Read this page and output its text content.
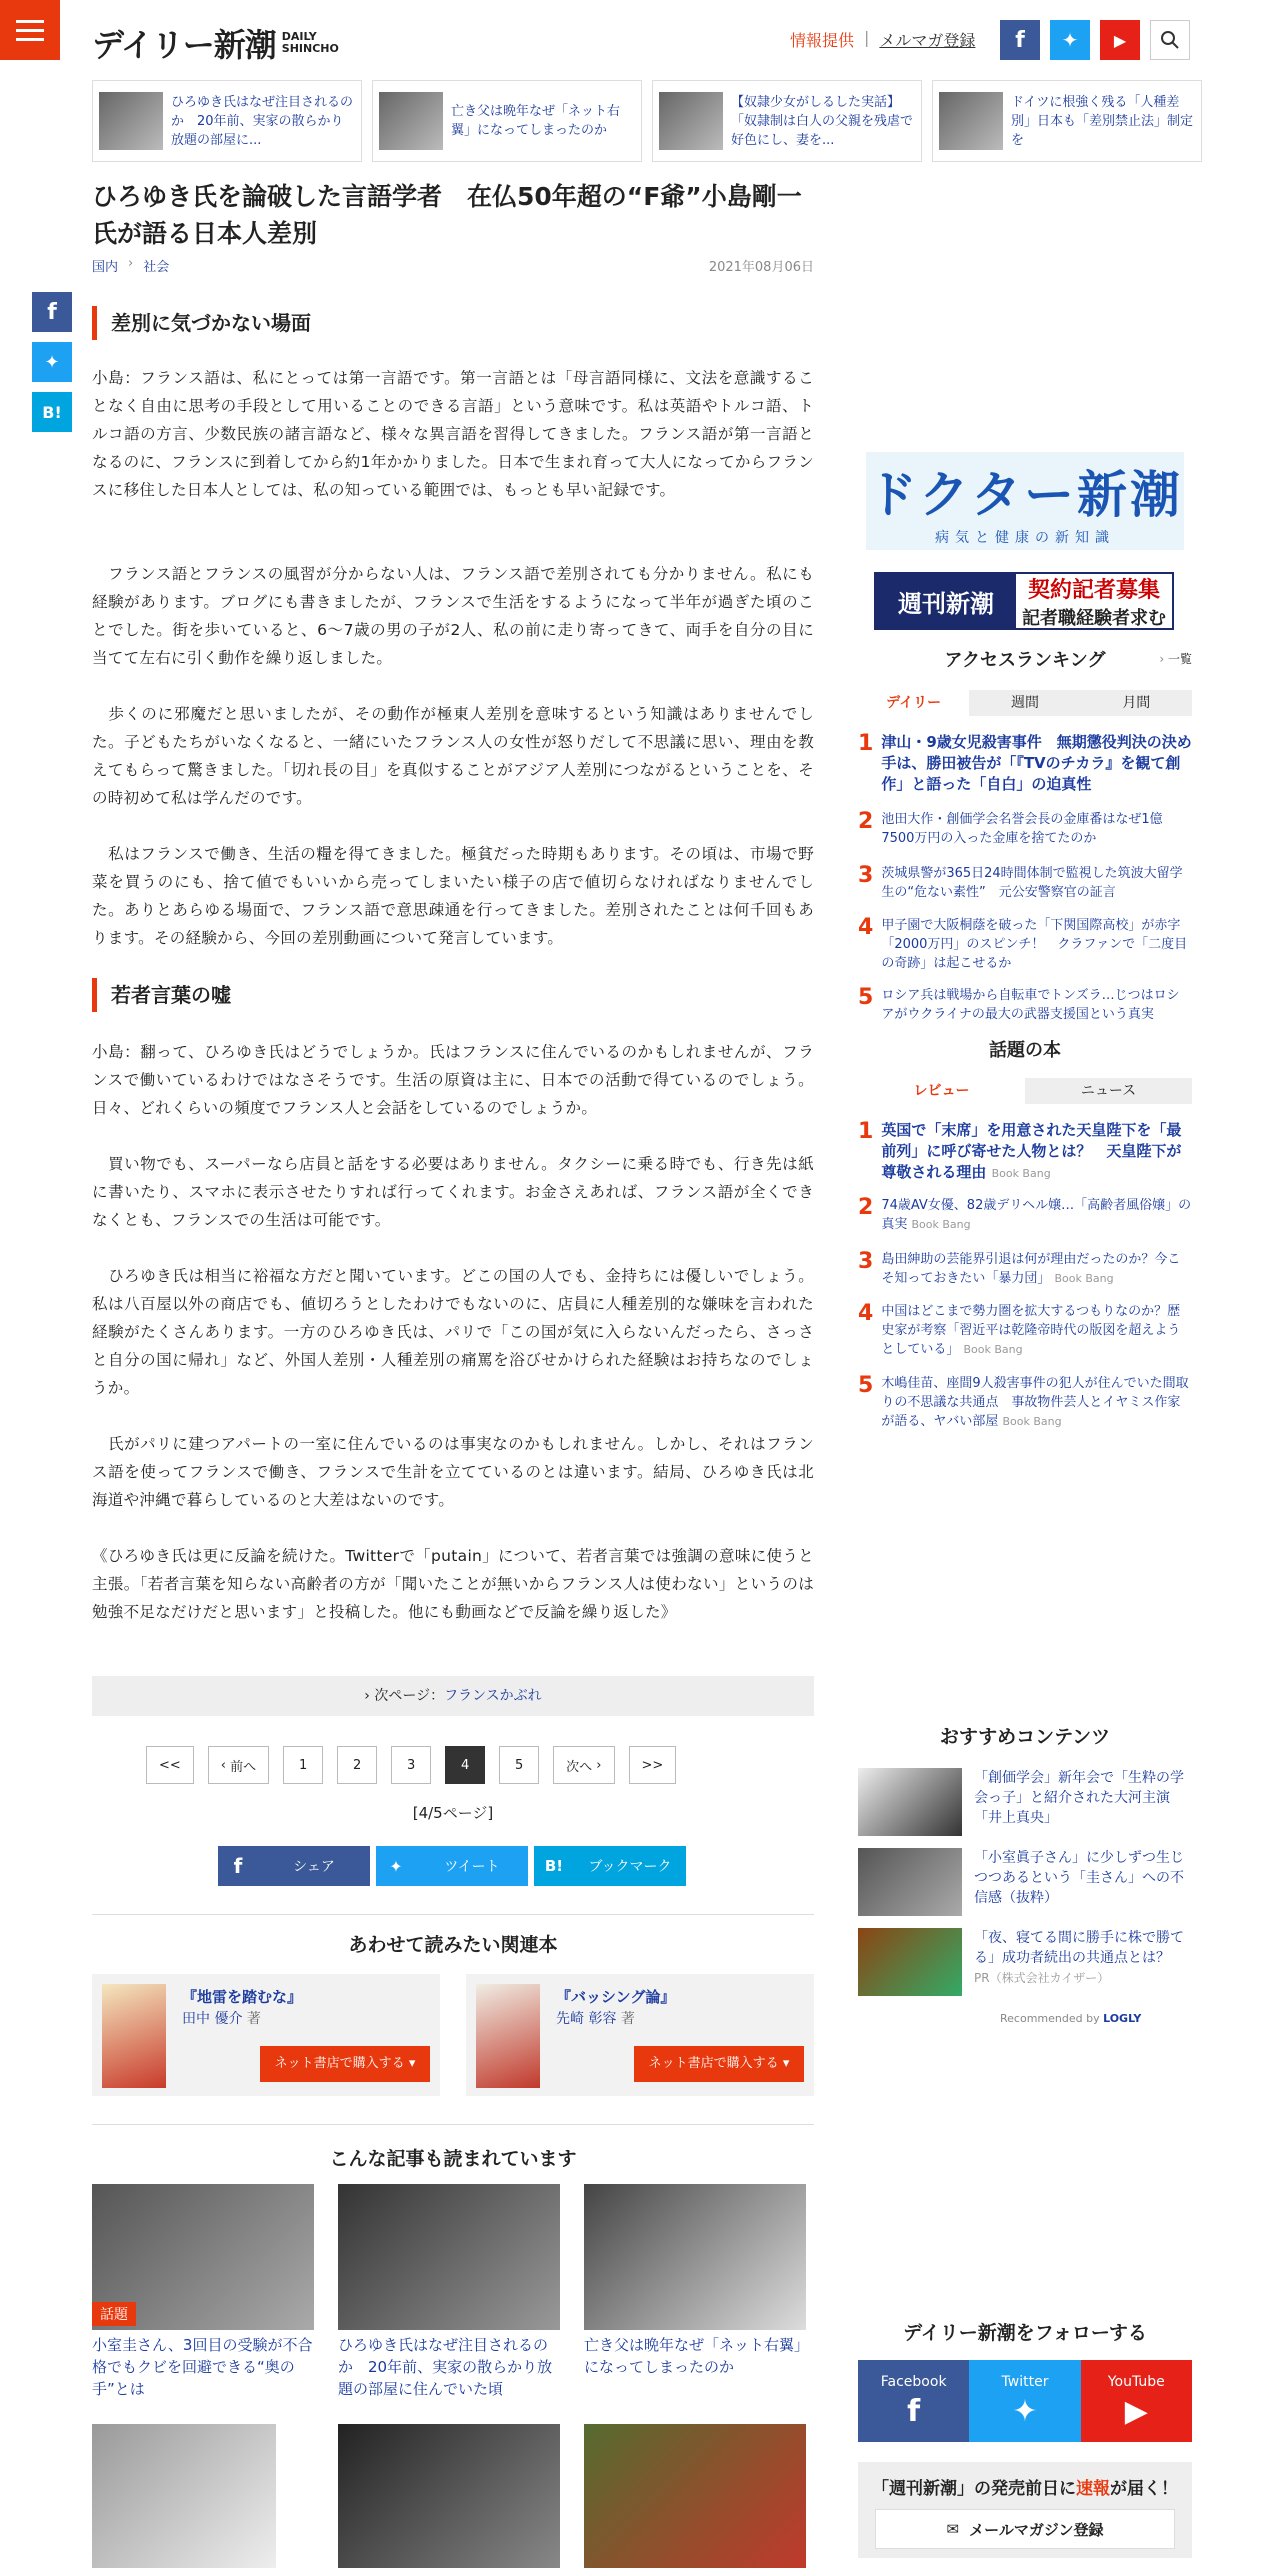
デイリー新潮 DAILY
SHINCHO	情報提供 | メルマガ登録	f	✦	▶
ひろゆき氏はなぜ注目されるのか　20年前、実家の散らかり放題の部屋に...
亡き父は晩年なぜ「ネット右翼」になってしまったのか
【奴隷少女がしるした実話】「奴隷制は白人の父親を残虐で好色にし、妻を...
ドイツに根強く残る「人種差別」日本も「差別禁止法」制定を
ひろゆき氏を論破した言語学者　在仏50年超の“F爺”小島剛一氏が語る日本人差別
国内 › 社会	2021年08月06日
f
✦
B!
差別に気づかない場面

小島：フランス語は、私にとっては第一言語です。第一言語とは「母言語同様に、文法を意識することなく自由に思考の手段として用いることのできる言語」という意味です。私は英語やトルコ語、トルコ語の方言、少数民族の諸言語など、様々な異言語を習得してきました。フランス語が第一言語となるのに、フランスに到着してから約1年かかりました。日本で生まれ育って大人になってからフランスに移住した日本人としては、私の知っている範囲では、もっとも早い記録です。

　フランス語とフランスの風習が分からない人は、フランス語で差別されても分かりません。私にも経験があります。ブログにも書きましたが、フランスで生活をするようになって半年が過ぎた頃のことでした。街を歩いていると、6～7歳の男の子が2人、私の前に走り寄ってきて、両手を自分の目に当てて左右に引く動作を繰り返しました。

　歩くのに邪魔だと思いましたが、その動作が極東人差別を意味するという知識はありませんでした。子どもたちがいなくなると、一緒にいたフランス人の女性が怒りだして不思議に思い、理由を教えてもらって驚きました。「切れ長の目」を真似することがアジア人差別につながるということを、その時初めて私は学んだのです。

　私はフランスで働き、生活の糧を得てきました。極貧だった時期もあります。その頃は、市場で野菜を買うのにも、捨て値でもいいから売ってしまいたい様子の店で値切らなければなりませんでした。ありとあらゆる場面で、フランス語で意思疎通を行ってきました。差別されたことは何千回もあります。その経験から、今回の差別動画について発言しています。

若者言葉の嘘

小島：翻って、ひろゆき氏はどうでしょうか。氏はフランスに住んでいるのかもしれませんが、フランスで働いているわけではなさそうです。生活の原資は主に、日本での活動で得ているのでしょう。日々、どれくらいの頻度でフランス人と会話をしているのでしょうか。

　買い物でも、スーパーなら店員と話をする必要はありません。タクシーに乗る時でも、行き先は紙に書いたり、スマホに表示させたりすれば行ってくれます。お金さえあれば、フランス語が全くできなくとも、フランスでの生活は可能です。

　ひろゆき氏は相当に裕福な方だと聞いています。どこの国の人でも、金持ちには優しいでしょう。私は八百屋以外の商店でも、値切ろうとしたわけでもないのに、店員に人種差別的な嫌味を言われた経験がたくさんあります。一方のひろゆき氏は、パリで「この国が気に入らないんだったら、さっさと自分の国に帰れ」など、外国人差別・人種差別の痛罵を浴びせかけられた経験はお持ちなのでしょうか。

　氏がパリに建つアパートの一室に住んでいるのは事実なのかもしれません。しかし、それはフランス語を使ってフランスで働き、フランスで生計を立てているのとは違います。結局、ひろゆき氏は北海道や沖縄で暮らしているのと大差はないのです。

《ひろゆき氏は更に反論を続けた。Twitterで「putain」について、若者言葉では強調の意味に使うと主張。「若者言葉を知らない高齢者の方が「聞いたことが無いからフランス人は使わない」というのは勉強不足なだけだと思います」と投稿した。他にも動画などで反論を繰り返した》

› 次ページ：フランスかぶれ
<<	‹ 前へ	1	2	3	4	5	次へ ›	>>
[4/5ページ]
f	シェア	✦	ツイート	B!	ブックマーク
あわせて読みたい関連本
『地雷を踏むな』
田中 優介 著
ネット書店で購入する ▾
『バッシング論』
先崎 彰容 著
ネット書店で購入する ▾
こんな記事も読まれています
話題
小室圭さん、3回目の受験が不合格でもクビを回避できる“奥の手”とは
ひろゆき氏はなぜ注目されるのか　20年前、実家の散らかり放題の部屋に住んでいた頃
亡き父は晩年なぜ「ネット右翼」になってしまったのか
ドクター新潮
病気と健康の新知識
週刊新潮	契約記者募集
記者職経験者求む
アクセスランキング	› 一覧
デイリー	週間	月間
1 津山・9歳女児殺害事件　無期懲役判決の決め手は、勝田被告が「『TVのチカラ』を観て創作」と語った「自白」の迫真性
2 池田大作・創価学会名誉会長の金庫番はなぜ1億7500万円の入った金庫を捨てたのか
3 茨城県警が365日24時間体制で監視した筑波大留学生の“危ない素性”　元公安警察官の証言
4 甲子園で大阪桐蔭を破った「下関国際高校」が赤字「2000万円」のスピンチ！　クラファンで「二度目の奇跡」は起こせるか
5 ロシア兵は戦場から自転車でトンズラ…じつはロシアがウクライナの最大の武器支援国という真実
話題の本
レビュー	ニュース
1 英国で「末席」を用意された天皇陛下を「最前列」に呼び寄せた人物とは？　天皇陛下が尊敬される理由 Book Bang
2 74歳AV女優、82歳デリヘル嬢…「高齢者風俗嬢」の真実 Book Bang
3 島田紳助の芸能界引退は何が理由だったのか？今こそ知っておきたい「暴力団」 Book Bang
4 中国はどこまで勢力圏を拡大するつもりなのか？歴史家が考察「習近平は乾隆帝時代の版図を超えようとしている」 Book Bang
5 木嶋佳苗、座間9人殺害事件の犯人が住んでいた間取りの不思議な共通点　事故物件芸人とイヤミス作家が語る、ヤバい部屋 Book Bang
おすすめコンテンツ
「創価学会」新年会で「生粋の学会っ子」と紹介された大河主演「井上真央」
「小室眞子さん」に少しずつ生じつつあるという「圭さん」への不信感（抜粋）
「夜、寝てる間に勝手に株で勝てる」成功者続出の共通点とは？
PR（株式会社カイザー）
Recommended by LOGLY
デイリー新潮をフォローする
Facebook
f
Twitter
✦
YouTube
▶
「週刊新潮」の発売前日に速報が届く！
✉ メールマガジン登録
